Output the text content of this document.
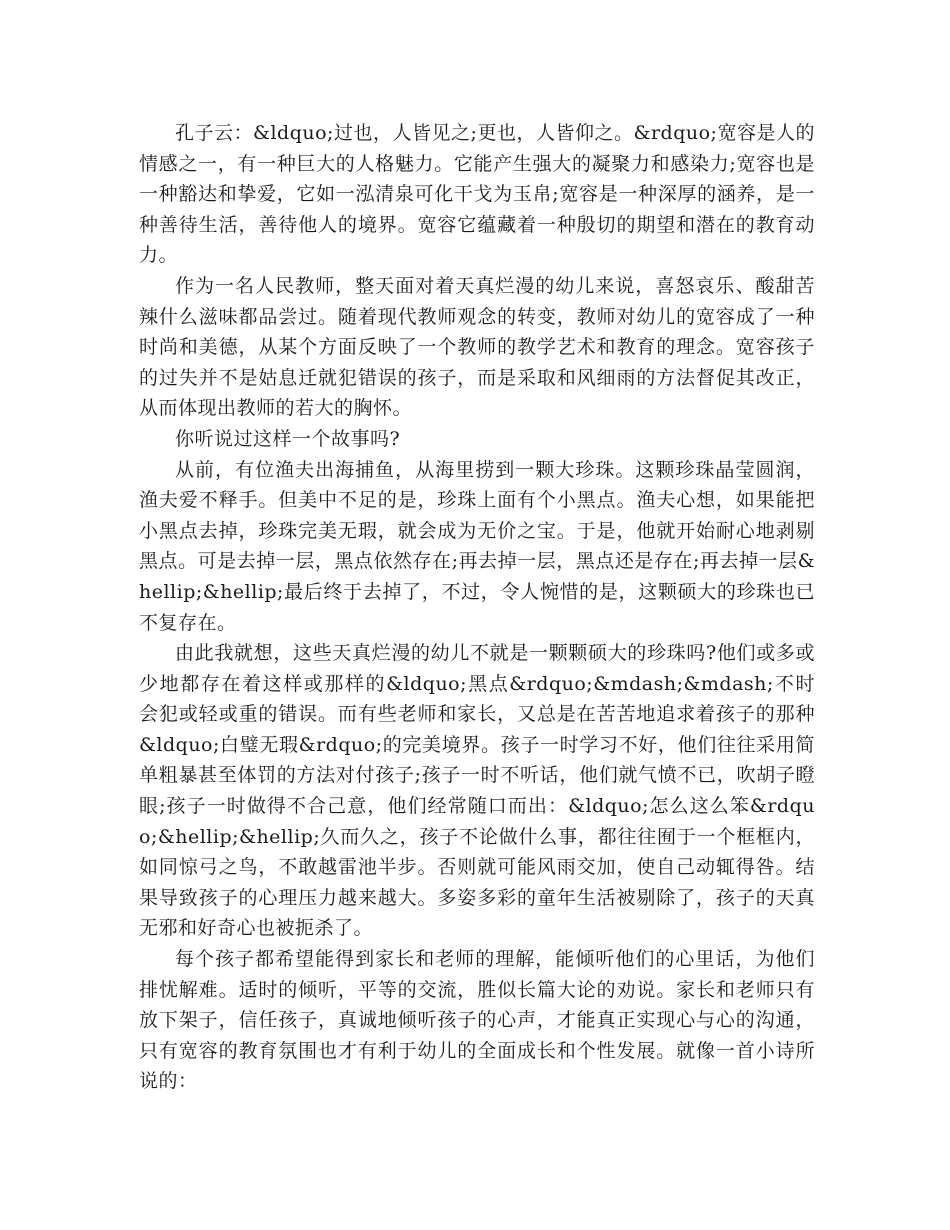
孔子云：&ldquo;过也，人皆见之;更也，人皆仰之。&rdquo;宽容是人的情感之一，有一种巨大的人格魅力。它能产生强大的凝聚力和感染力;宽容也是一种豁达和挚爱，它如一泓清泉可化干戈为玉帛;宽容是一种深厚的涵养，是一种善待生活，善待他人的境界。宽容它蕴藏着一种殷切的期望和潜在的教育动力。

作为一名人民教师，整天面对着天真烂漫的幼儿来说，喜怒哀乐、酸甜苦辣什么滋味都品尝过。随着现代教师观念的转变，教师对幼儿的宽容成了一种时尚和美德，从某个方面反映了一个教师的教学艺术和教育的理念。宽容孩子的过失并不是姑息迁就犯错误的孩子，而是采取和风细雨的方法督促其改正，从而体现出教师的若大的胸怀。

你听说过这样一个故事吗?

从前，有位渔夫出海捕鱼，从海里捞到一颗大珍珠。这颗珍珠晶莹圆润，渔夫爱不释手。但美中不足的是，珍珠上面有个小黑点。渔夫心想，如果能把小黑点去掉，珍珠完美无瑕，就会成为无价之宝。于是，他就开始耐心地剥剔黑点。可是去掉一层，黑点依然存在;再去掉一层，黑点还是存在;再去掉一层&hellip;&hellip;最后终于去掉了，不过，令人惋惜的是，这颗硕大的珍珠也已不复存在。

由此我就想，这些天真烂漫的幼儿不就是一颗颗硕大的珍珠吗?他们或多或少地都存在着这样或那样的&ldquo;黑点&rdquo;&mdash;&mdash;不时会犯或轻或重的错误。而有些老师和家长，又总是在苦苦地追求着孩子的那种&ldquo;白璧无瑕&rdquo;的完美境界。孩子一时学习不好，他们往往采用简单粗暴甚至体罚的方法对付孩子;孩子一时不听话，他们就气愤不已，吹胡子瞪眼;孩子一时做得不合己意，他们经常随口而出：&ldquo;怎么这么笨&rdquo;&hellip;&hellip;久而久之，孩子不论做什么事，都往往囿于一个框框内，如同惊弓之鸟，不敢越雷池半步。否则就可能风雨交加，使自己动辄得咎。结果导致孩子的心理压力越来越大。多姿多彩的童年生活被剔除了，孩子的天真无邪和好奇心也被扼杀了。

每个孩子都希望能得到家长和老师的理解，能倾听他们的心里话，为他们排忧解难。适时的倾听，平等的交流，胜似长篇大论的劝说。家长和老师只有放下架子，信任孩子，真诚地倾听孩子的心声，才能真正实现心与心的沟通，只有宽容的教育氛围也才有利于幼儿的全面成长和个性发展。就像一首小诗所说的：
